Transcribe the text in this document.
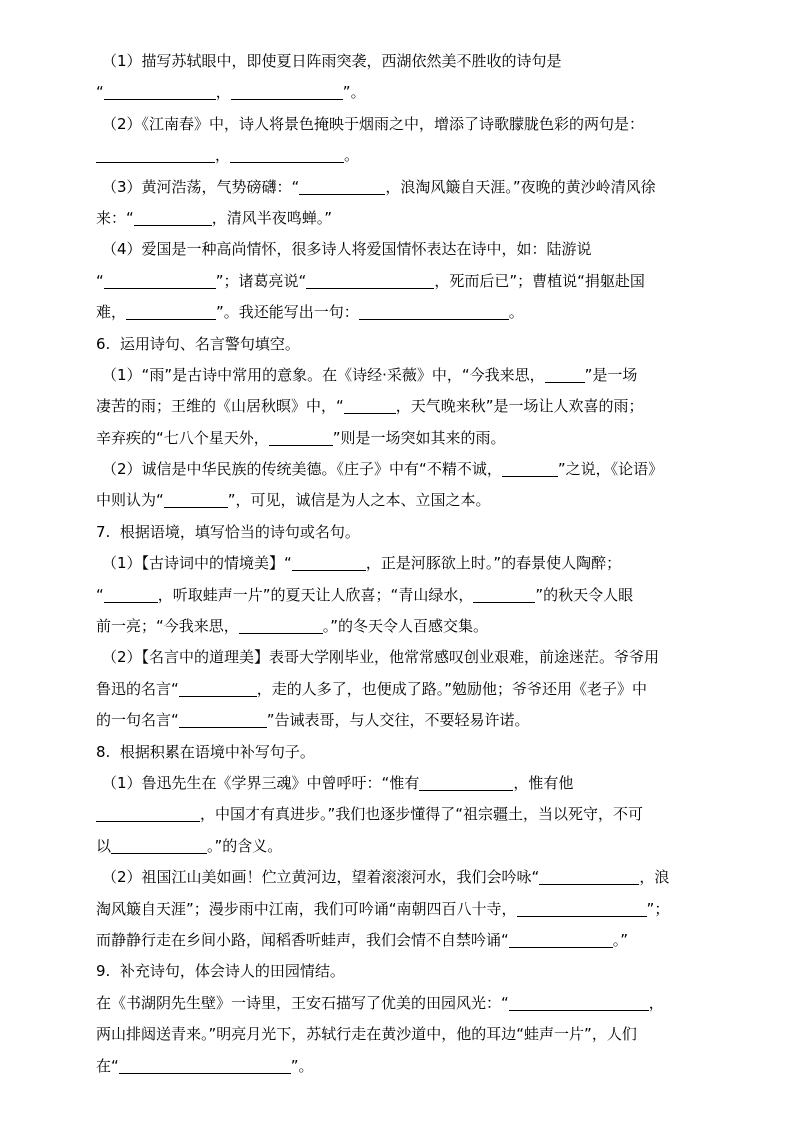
（1）描写苏轼眼中，即使夏日阵雨突袭，西湖依然美不胜收的诗句是
“	，	”。
（2）《江南春》中，诗人将景色掩映于烟雨之中，增添了诗歌朦胧色彩的两句是：
，	。
（3）黄河浩荡，气势磅礴：“	，浪淘风簸自天涯。”夜晚的黄沙岭清风徐
来：“	，清风半夜鸣蝉。”
（4）爱国是一种高尚情怀，很多诗人将爱国情怀表达在诗中，如：陆游说
“	”；诸葛亮说“	，死而后已”；曹植说“捐躯赴国
难，	”。我还能写出一句：	。
6.  运用诗句、名言警句填空。
（1）“雨”是古诗中常用的意象。在《诗经·采薇》中，“今我来思，	”是一场
凄苦的雨；王维的《山居秋暝》中，“	，天气晚来秋”是一场让人欢喜的雨；
辛弃疾的“七八个星天外，	”则是一场突如其来的雨。
（2）诚信是中华民族的传统美德。《庄子》中有“不精不诚，	”之说，《论语》
中则认为“	”，可见，诚信是为人之本、立国之本。
7.  根据语境，填写恰当的诗句或名句。
（1）【古诗词中的情境美】“	，正是河豚欲上时。”的春景使人陶醉；
“	，听取蛙声一片”的夏天让人欣喜；“青山绿水，	”的秋天令人眼
前一亮；“今我来思，	。”的冬天令人百感交集。
（2）【名言中的道理美】表哥大学刚毕业，他常常感叹创业艰难，前途迷茫。爷爷用
鲁迅的名言“	，走的人多了，也便成了路。”勉励他；爷爷还用《老子》中
的一句名言“	”告诫表哥，与人交往，不要轻易许诺。
8.  根据积累在语境中补写句子。
（1）鲁迅先生在《学界三魂》中曾呼吁：“惟有	，惟有他
，中国才有真进步。”我们也逐步懂得了“祖宗疆土，当以死守，不可
以	。”的含义。
（2）祖国江山美如画！伫立黄河边，望着滚滚河水，我们会吟咏“	，浪
淘风簸自天涯”；漫步雨中江南，我们可吟诵“南朝四百八十寺，	”；
而静静行走在乡间小路，闻稻香听蛙声，我们会情不自禁吟诵“	。”
9.  补充诗句，体会诗人的田园情结。
在《书湖阴先生壁》一诗里，王安石描写了优美的田园风光：“	，
两山排闼送青来。”明亮月光下，苏轼行走在黄沙道中，他的耳边“蛙声一片”，人们
在“	”。
